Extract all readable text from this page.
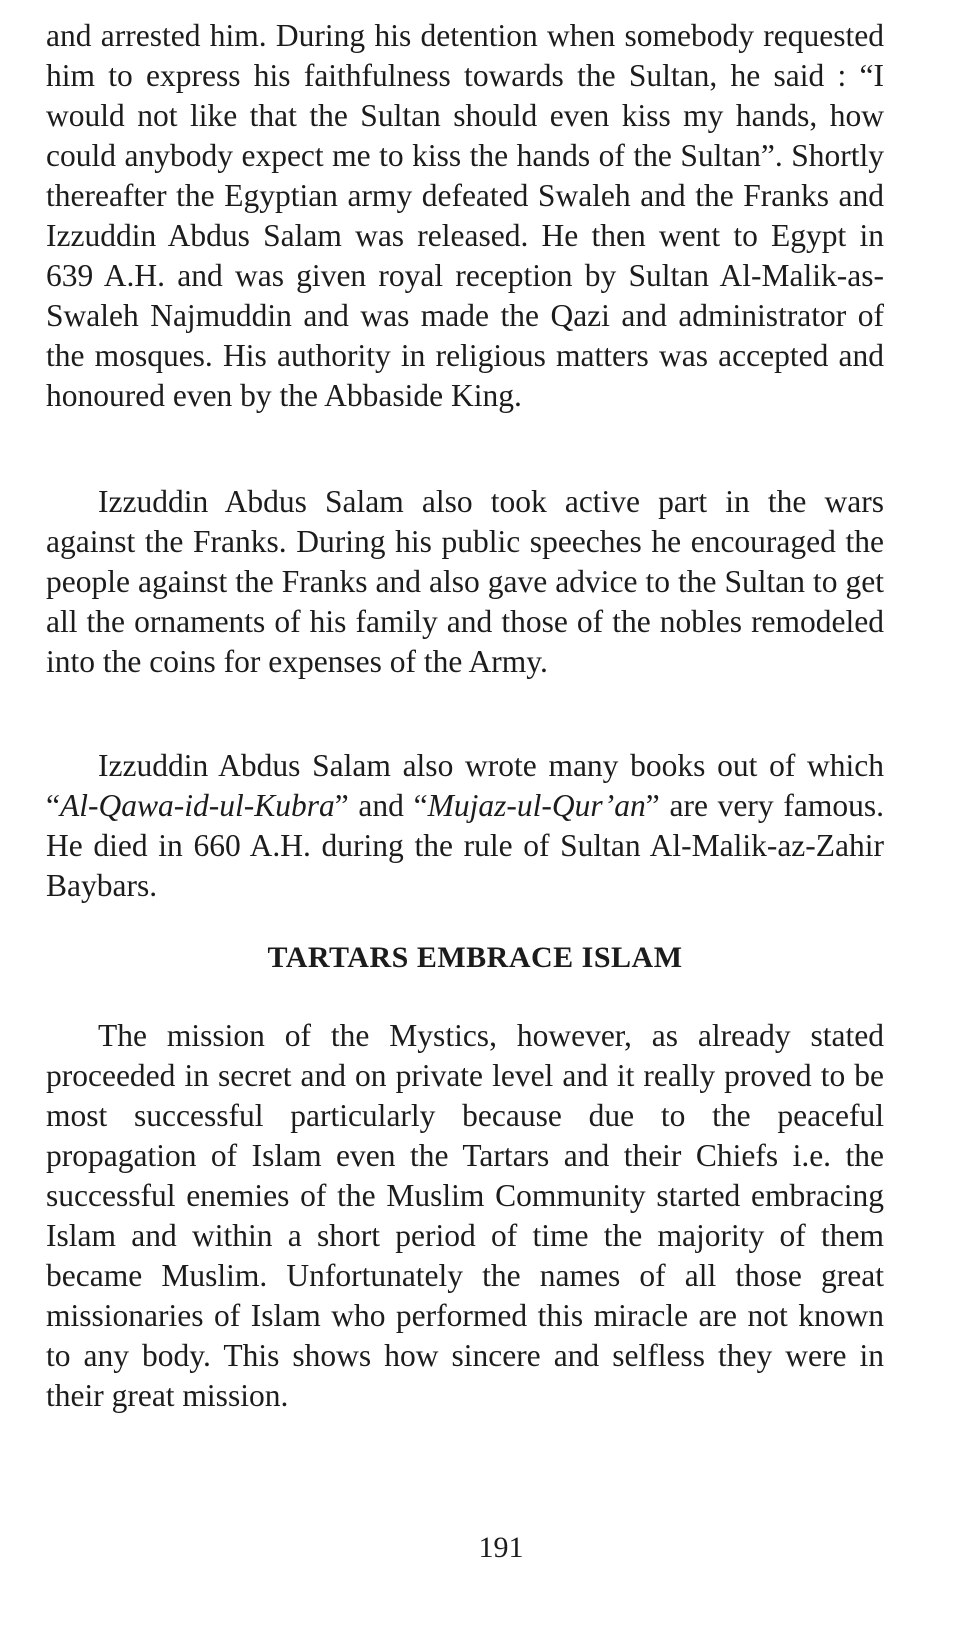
and arrested him. During his detention when somebody requested him to express his faithfulness towards the Sultan, he said : “I would not like that the Sultan should even kiss my hands, how could anybody expect me to kiss the hands of the Sultan”. Shortly thereafter the Egyptian army defeated Swaleh and the Franks and Izzuddin Abdus Salam was released. He then went to Egypt in 639 A.H. and was given royal reception by Sultan Al-Malik-as-Swaleh Najmuddin and was made the Qazi and administrator of the mosques. His authority in religious matters was accepted and honoured even by the Abbaside King.

Izzuddin Abdus Salam also took active part in the wars against the Franks. During his public speeches he encouraged the people against the Franks and also gave advice to the Sultan to get all the ornaments of his family and those of the nobles remodeled into the coins for expenses of the Army.

Izzuddin Abdus Salam also wrote many books out of which “Al-Qawa-id-ul-Kubra” and “Mujaz-ul-Qur’an” are very famous. He died in 660 A.H. during the rule of Sultan Al-Malik-az-Zahir Baybars.

TARTARS EMBRACE ISLAM

The mission of the Mystics, however, as already stated proceeded in secret and on private level and it really proved to be most successful particularly because due to the peaceful propagation of Islam even the Tartars and their Chiefs i.e. the successful enemies of the Muslim Community started embracing Islam and within a short period of time the majority of them became Muslim. Unfortunately the names of all those great missionaries of Islam who performed this miracle are not known to any body. This shows how sincere and selfless they were in their great mission.

191
